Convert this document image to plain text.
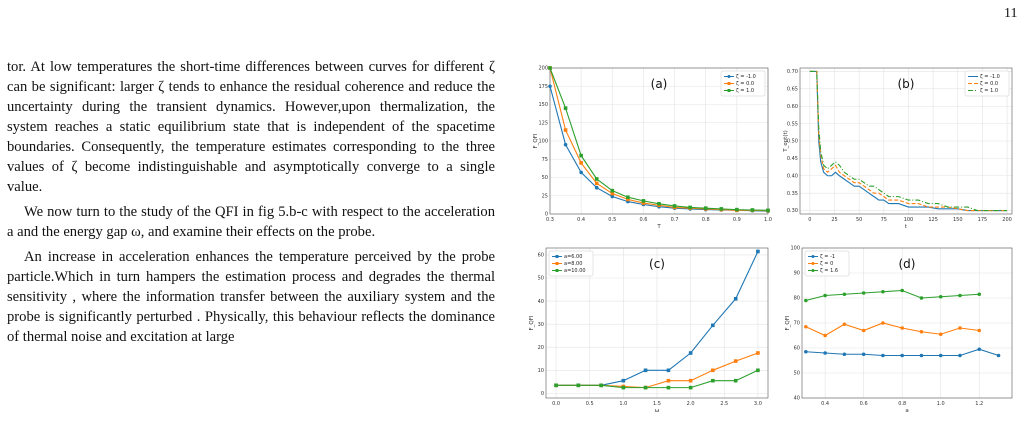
11

tor. At low temperatures the short-time differences between curves for different ζ can be significant: larger ζ tends to enhance the residual coherence and reduce the uncertainty during the transient dynamics. However,upon thermalization, the system reaches a static equilibrium state that is independent of the spacetime boundaries. Consequently, the temperature estimates corresponding to the three values of ζ become indistinguishable and asymptotically converge to a single value.

We now turn to the study of the QFI in fig 5.b-c with respect to the acceleration a and the energy gap ω, and examine their effects on the probe.

An increase in acceleration enhances the temperature perceived by the probe particle.Which in turn hampers the estimation process and degrades the thermal sensitivity , where the information transfer between the auxiliary system and the probe is significantly perturbed . Physically, this behaviour reflects the dominance of thermal noise and excitation at large

0.3	0.4	0.5	0.6	0.7	0.8	0.9	1.0
0
25
50
75
100
125
150
175
200
T
F_QFI
ζ = -1.0
ζ = 0.0
ζ = 1.0
(a)
0	25	50	75	100	125	150	175	200
0.30
0.35
0.40
0.45
0.50
0.55
0.60
0.65
0.70
t
T_opt(t)
ζ = -1.0
ζ = 0.0
ζ = 1.0
(b)
0.0	0.5	1.0	1.5	2.0	2.5	3.0
0
10
20
30
40
50
60
ω
F_QFI
a=6.00
a=8.00
a=10.00
(c)
0.4	0.6	0.8	1.0	1.2
40
50
60
70
80
90
100
a
F_QFI
ζ = -1
ζ = 0
ζ = 1.6
(d)
